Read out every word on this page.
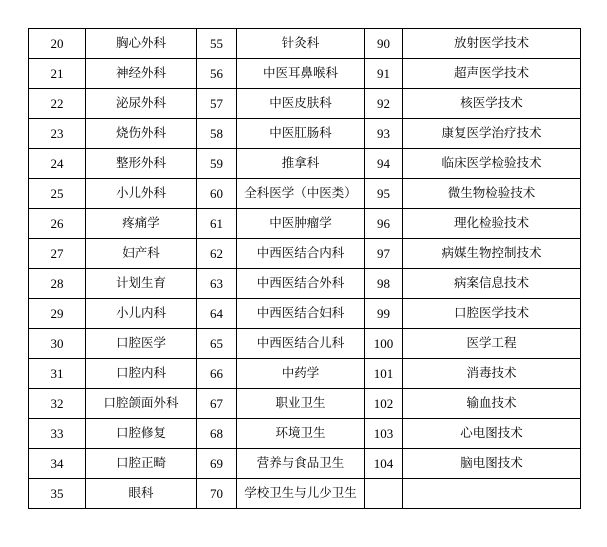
20	胸心外科	55	针灸科	90	放射医学技术
21	神经外科	56	中医耳鼻喉科	91	超声医学技术
22	泌尿外科	57	中医皮肤科	92	核医学技术
23	烧伤外科	58	中医肛肠科	93	康复医学治疗技术
24	整形外科	59	推拿科	94	临床医学检验技术
25	小儿外科	60	全科医学（中医类）	95	微生物检验技术
26	疼痛学	61	中医肿瘤学	96	理化检验技术
27	妇产科	62	中西医结合内科	97	病媒生物控制技术
28	计划生育	63	中西医结合外科	98	病案信息技术
29	小儿内科	64	中西医结合妇科	99	口腔医学技术
30	口腔医学	65	中西医结合儿科	100	医学工程
31	口腔内科	66	中药学	101	消毒技术
32	口腔颌面外科	67	职业卫生	102	输血技术
33	口腔修复	68	环境卫生	103	心电图技术
34	口腔正畸	69	营养与食品卫生	104	脑电图技术
35	眼科	70	学校卫生与儿少卫生		
